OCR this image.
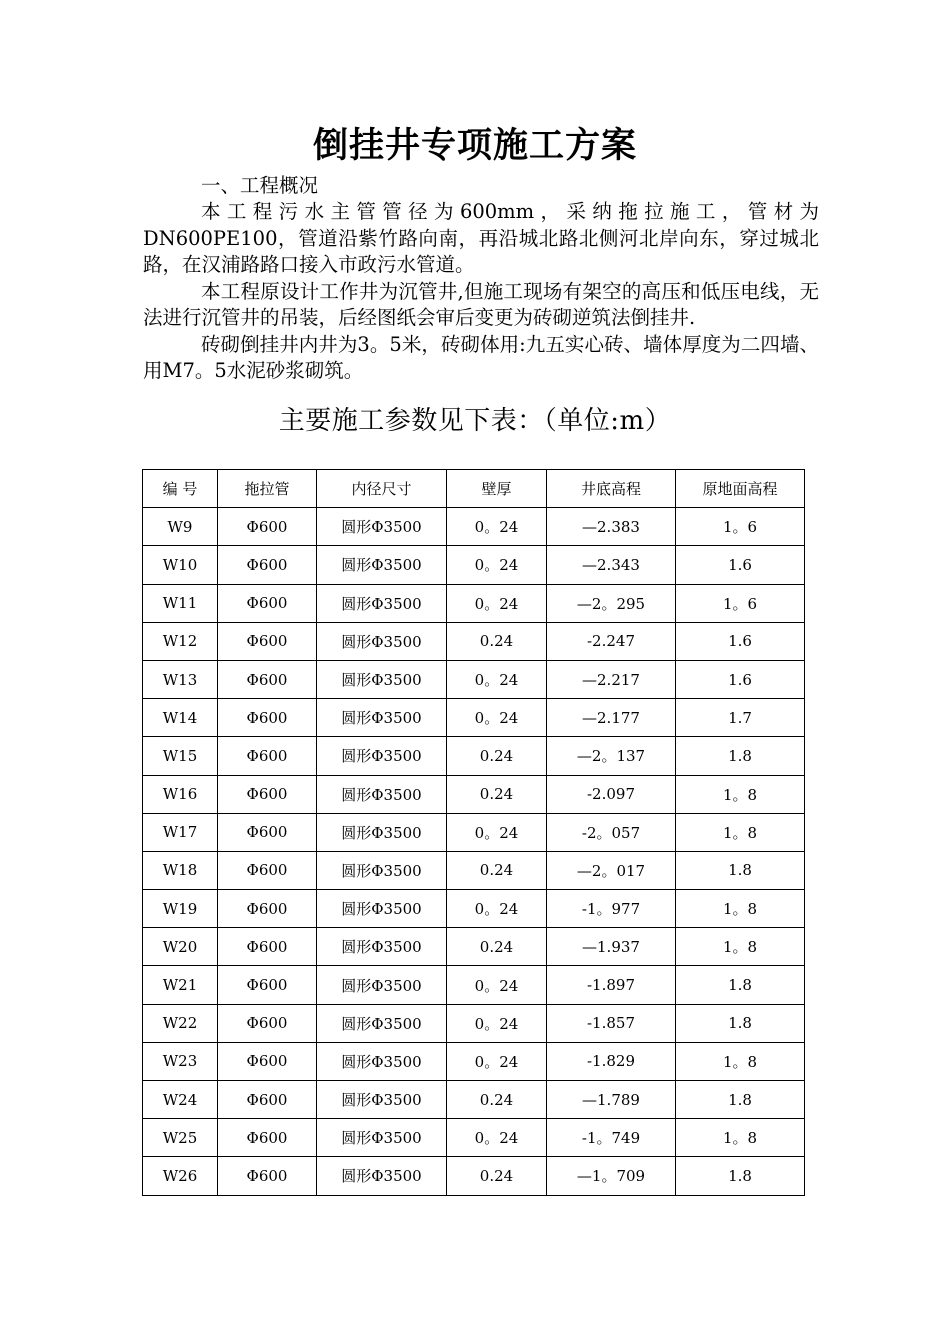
倒挂井专项施工方案
一、工程概况

本工程污水主管管径为600mm，采纳拖拉施工，管材为DN600PE100，管道沿紫竹路向南，再沿城北路北侧河北岸向东，穿过城北路，在汉浦路路口接入市政污水管道。

本工程原设计工作井为沉管井,但施工现场有架空的高压和低压电线，无法进行沉管井的吊装，后经图纸会审后变更为砖砌逆筑法倒挂井.

砖砌倒挂井内井为3。5米，砖砌体用:九五实心砖、墙体厚度为二四墙、用M7。5水泥砂浆砌筑。

主要施工参数见下表：（单位:m）
编 号	拖拉管	内径尺寸	壁厚	井底高程	原地面高程
W9	Φ600	圆形Φ3500	0。24	—2.383	1。6
W10	Φ600	圆形Φ3500	0。24	—2.343	1.6
W11	Φ600	圆形Φ3500	0。24	—2。295	1。6
W12	Φ600	圆形Φ3500	0.24	-2.247	1.6
W13	Φ600	圆形Φ3500	0。24	—2.217	1.6
W14	Φ600	圆形Φ3500	0。24	—2.177	1.7
W15	Φ600	圆形Φ3500	0.24	—2。137	1.8
W16	Φ600	圆形Φ3500	0.24	-2.097	1。8
W17	Φ600	圆形Φ3500	0。24	-2。057	1。8
W18	Φ600	圆形Φ3500	0.24	—2。017	1.8
W19	Φ600	圆形Φ3500	0。24	-1。977	1。8
W20	Φ600	圆形Φ3500	0.24	—1.937	1。8
W21	Φ600	圆形Φ3500	0。24	-1.897	1.8
W22	Φ600	圆形Φ3500	0。24	-1.857	1.8
W23	Φ600	圆形Φ3500	0。24	-1.829	1。8
W24	Φ600	圆形Φ3500	0.24	—1.789	1.8
W25	Φ600	圆形Φ3500	0。24	-1。749	1。8
W26	Φ600	圆形Φ3500	0.24	—1。709	1.8
